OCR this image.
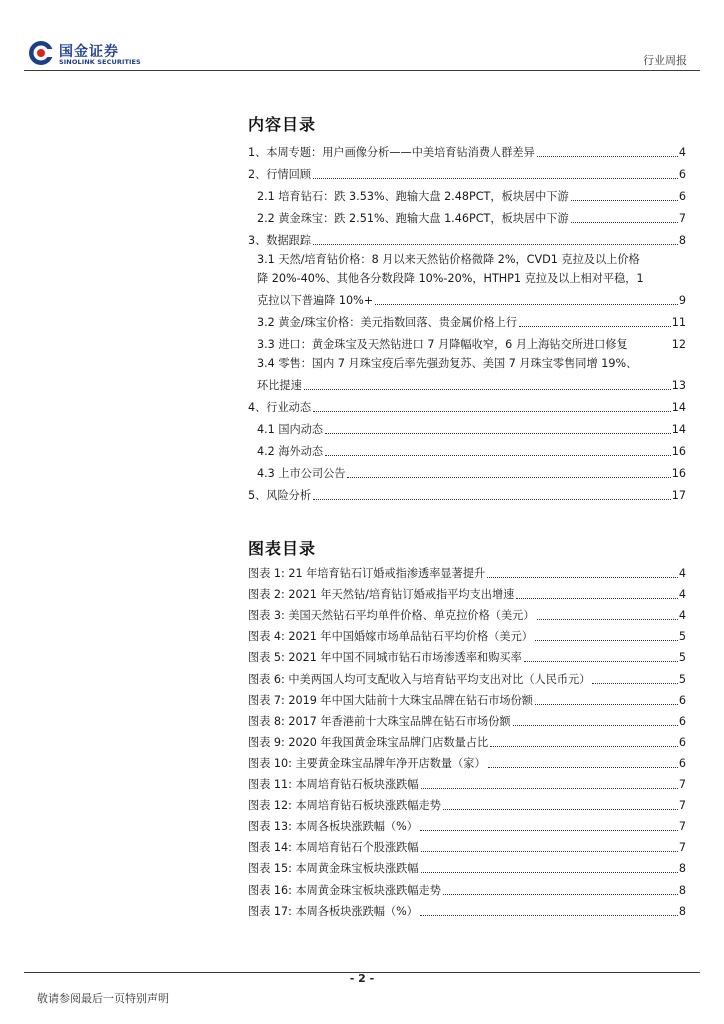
国金证券
SINOLINK SECURITIES	行业周报
内容目录
1、本周专题：用户画像分析——中美培育钻消费人群差异	4
2、行情回顾	6
2.1 培育钻石：跌 3.53%、跑输大盘 2.48PCT，板块居中下游	6
2.2 黄金珠宝：跌 2.51%、跑输大盘 1.46PCT，板块居中下游	7
3、数据跟踪	8
3.1 天然/培育钻价格：8 月以来天然钻价格微降 2%，CVD1 克拉及以上价格
降 20%-40%、其他各分数段降 10%-20%，HTHP1 克拉及以上相对平稳，1
克拉以下普遍降 10%+	9
3.2 黄金/珠宝价格：美元指数回落、贵金属价格上行	11
3.3 进口：黄金珠宝及天然钻进口 7 月降幅收窄，6 月上海钻交所进口修复	12
3.4 零售：国内 7 月珠宝疫后率先强劲复苏、美国 7 月珠宝零售同增 19%、
环比提速	13
4、行业动态	14
4.1 国内动态	14
4.2 海外动态	16
4.3 上市公司公告	16
5、风险分析	17
图表目录
图表 1: 21 年培育钻石订婚戒指渗透率显著提升	4
图表 2: 2021 年天然钻/培育钻订婚戒指平均支出增速	4
图表 3: 美国天然钻石平均单件价格、单克拉价格（美元）	4
图表 4: 2021 年中国婚嫁市场单品钻石平均价格（美元）	5
图表 5: 2021 年中国不同城市钻石市场渗透率和购买率	5
图表 6: 中美两国人均可支配收入与培育钻平均支出对比（人民币元）	5
图表 7: 2019 年中国大陆前十大珠宝品牌在钻石市场份额	6
图表 8: 2017 年香港前十大珠宝品牌在钻石市场份额	6
图表 9: 2020 年我国黄金珠宝品牌门店数量占比	6
图表 10: 主要黄金珠宝品牌年净开店数量（家）	6
图表 11: 本周培育钻石板块涨跌幅	7
图表 12: 本周培育钻石板块涨跌幅走势	7
图表 13: 本周各板块涨跌幅（%）	7
图表 14: 本周培育钻石个股涨跌幅	7
图表 15: 本周黄金珠宝板块涨跌幅	8
图表 16: 本周黄金珠宝板块涨跌幅走势	8
图表 17: 本周各板块涨跌幅（%）	8
- 2 -
敬请参阅最后一页特别声明
